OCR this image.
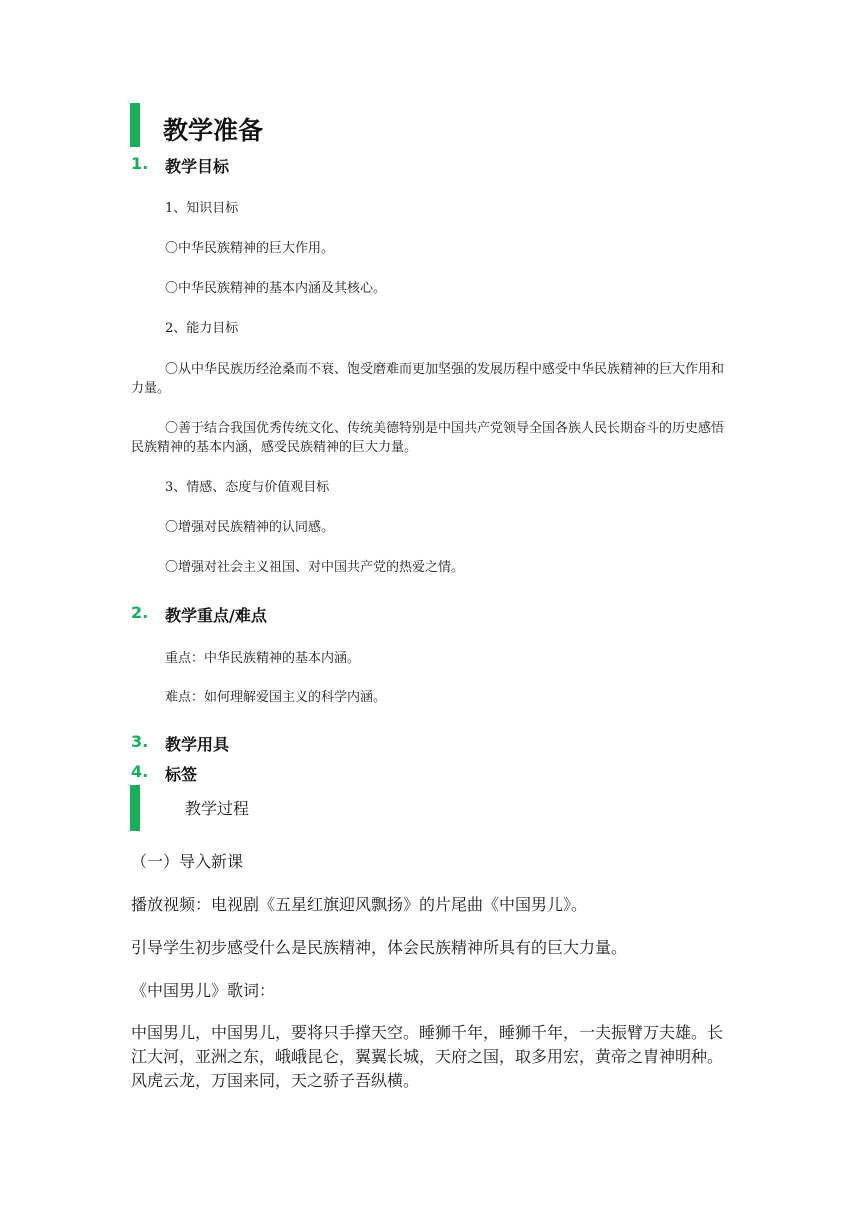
教学准备
1. 教学目标
1、知识目标
〇中华民族精神的巨大作用。
〇中华民族精神的基本内涵及其核心。
2、能力目标
〇从中华民族历经沧桑而不衰、饱受磨难而更加坚强的发展历程中感受中华民族精神的巨大作用和力量。
〇善于结合我国优秀传统文化、传统美德特别是中国共产党领导全国各族人民长期奋斗的历史感悟民族精神的基本内涵，感受民族精神的巨大力量。
3、情感、态度与价值观目标
〇增强对民族精神的认同感。
〇增强对社会主义祖国、对中国共产党的热爱之情。
2. 教学重点/难点
重点：中华民族精神的基本内涵。
难点：如何理解爱国主义的科学内涵。
3. 教学用具
4. 标签
教学过程
（一）导入新课
播放视频：电视剧《五星红旗迎风飘扬》的片尾曲《中国男儿》。
引导学生初步感受什么是民族精神，体会民族精神所具有的巨大力量。
《中国男儿》歌词：
中国男儿，中国男儿，要将只手撑天空。睡狮千年，睡狮千年，一夫振臂万夫雄。长江大河，亚洲之东，峨峨昆仑，翼翼长城，天府之国，取多用宏，黄帝之胄神明种。风虎云龙，万国来同，天之骄子吾纵横。
